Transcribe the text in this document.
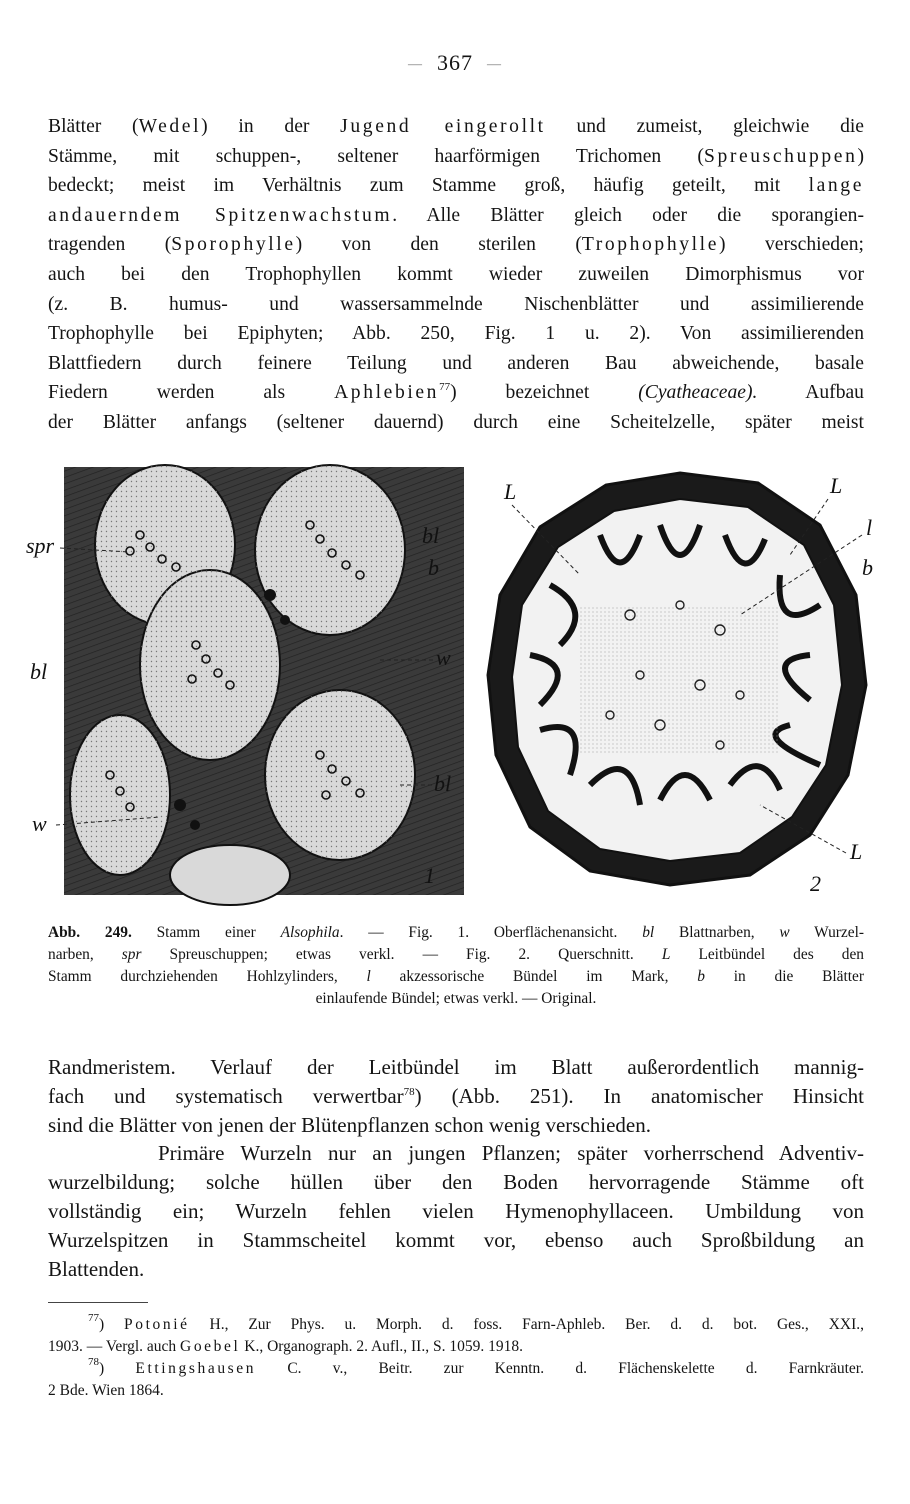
— 367 —
Blätter (Wedel) in der Jugend eingerollt und zumeist, gleichwie die
Stämme, mit schuppen-, seltener haarförmigen Trichomen (Spreuschuppen)
bedeckt; meist im Verhältnis zum Stamme groß, häufig geteilt, mit lange
andauerndem Spitzenwachstum. Alle Blätter gleich oder die sporangien-
tragenden (Sporophylle) von den sterilen (Trophophylle) verschieden;
auch bei den Trophophyllen kommt wieder zuweilen Dimorphismus vor
(z. B. humus- und wassersammelnde Nischenblätter und assimilierende
Trophophylle bei Epiphyten; Abb. 250, Fig. 1 u. 2). Von assimilierenden
Blattfiedern durch feinere Teilung und anderen Bau abweichende, basale
Fiedern werden als Aphlebien$^{77}$) bezeichnet (Cyatheaceae). Aufbau
der Blätter anfangs (seltener dauernd) durch eine Scheitelzelle, später meist
spr	bl
b
bl
w
bl
w
1
L	L
l
b
L
2
Abb. 249. Stamm einer Alsophila. — Fig. 1. Oberflächenansicht. bl Blattnarben, w Wurzel-
narben, spr Spreuschuppen; etwas verkl. — Fig. 2. Querschnitt. L Leitbündel des den
Stamm durchziehenden Hohlzylinders, l akzessorische Bündel im Mark, b in die Blätter
einlaufende Bündel; etwas verkl. — Original.
Randmeristem. Verlauf der Leitbündel im Blatt außerordentlich mannig-
fach und systematisch verwertbar$^{78}$) (Abb. 251). In anatomischer Hinsicht
sind die Blätter von jenen der Blütenpflanzen schon wenig verschieden.
Primäre Wurzeln nur an jungen Pflanzen; später vorherrschend Adventiv-
wurzelbildung; solche hüllen über den Boden hervorragende Stämme oft
vollständig ein; Wurzeln fehlen vielen Hymenophyllaceen. Umbildung von
Wurzelspitzen in Stammscheitel kommt vor, ebenso auch Sproßbildung an
Blattenden.
$^{77}$) Potonié H., Zur Phys. u. Morph. d. foss. Farn-Aphleb. Ber. d. d. bot. Ges., XXI.,
1903. — Vergl. auch Goebel K., Organograph. 2. Aufl., II., S. 1059. 1918.
$^{78}$) Ettingshausen C. v., Beitr. zur Kenntn. d. Flächenskelette d. Farnkräuter.
2 Bde. Wien 1864.
